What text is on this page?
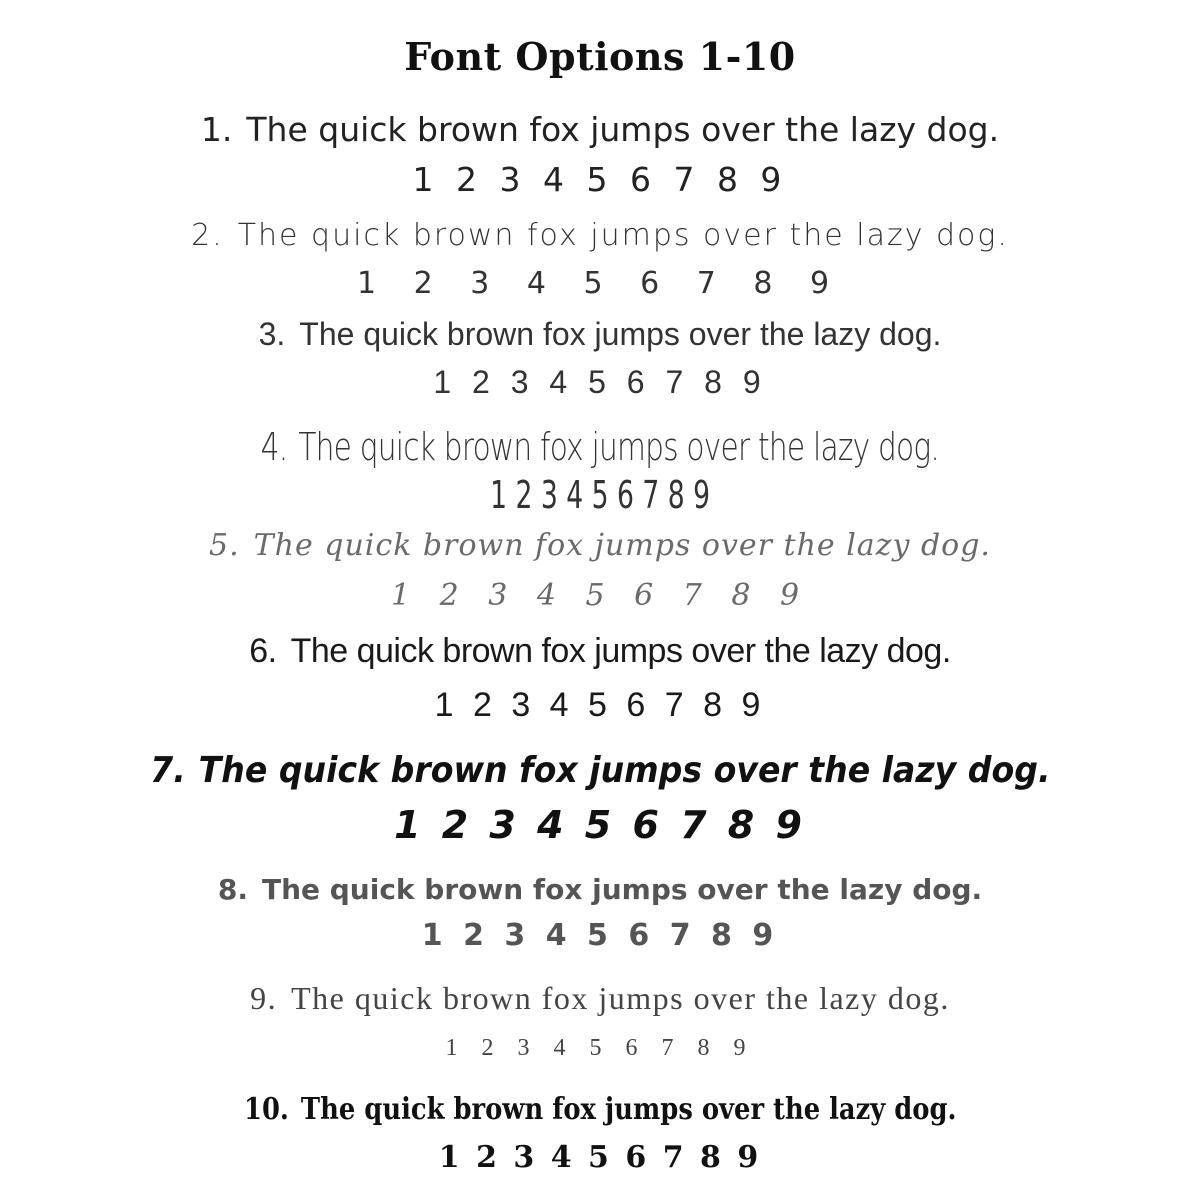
Font Options 1-10
1. The quick brown fox jumps over the lazy dog.
1 2 3 4 5 6 7 8 9
2. The quick brown fox jumps over the lazy dog.
1 2 3 4 5 6 7 8 9
3. The quick brown fox jumps over the lazy dog.
1 2 3 4 5 6 7 8 9
4. The quick brown fox jumps over the lazy dog.
1 2 3 4 5 6 7 8 9
5. The quick brown fox jumps over the lazy dog.
1 2 3 4 5 6 7 8 9
6. The quick brown fox jumps over the lazy dog.
1 2 3 4 5 6 7 8 9
7. The quick brown fox jumps over the lazy dog.
1 2 3 4 5 6 7 8 9
8. The quick brown fox jumps over the lazy dog.
1 2 3 4 5 6 7 8 9
9. The quick brown fox jumps over the lazy dog.
1 2 3 4 5 6 7 8 9
10. The quick brown fox jumps over the lazy dog.
1 2 3 4 5 6 7 8 9
